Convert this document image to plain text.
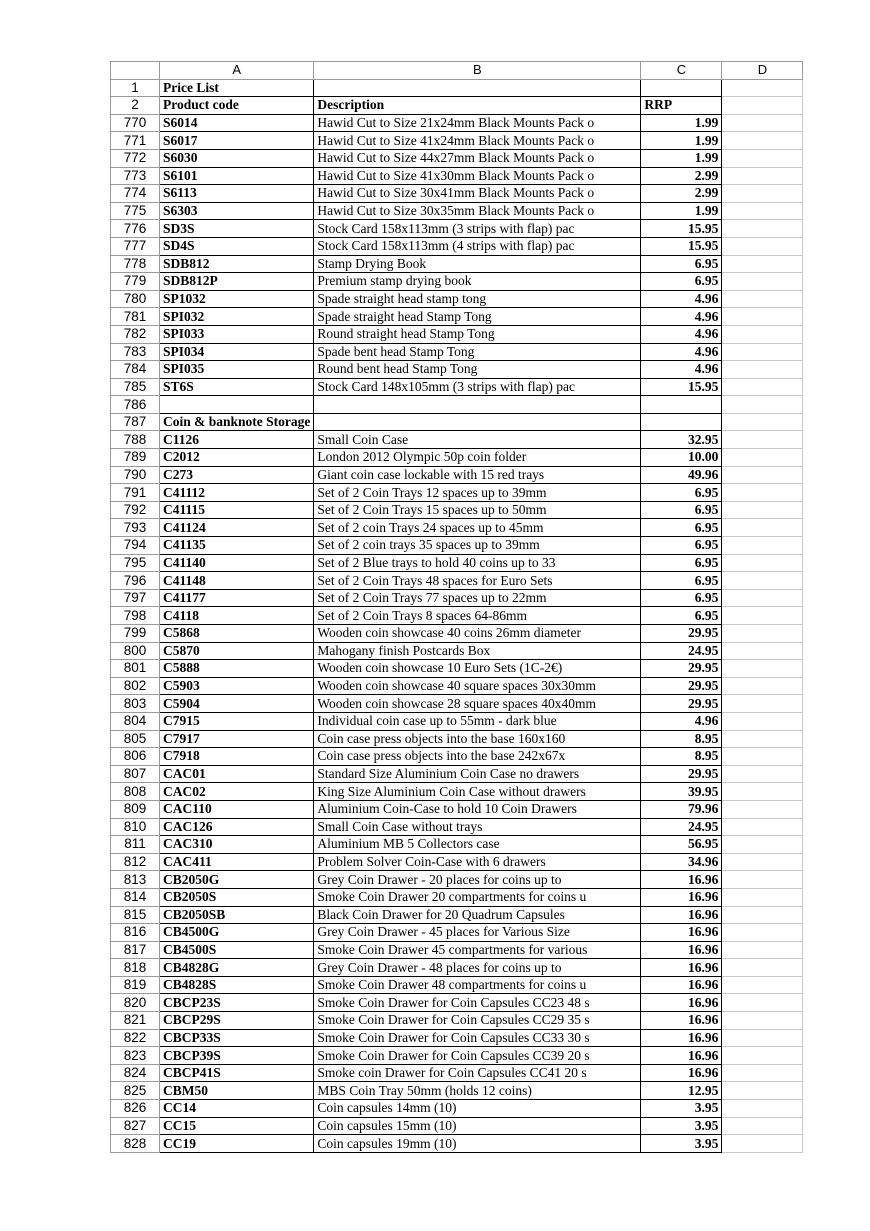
	A	B	C	D
1	Price List			
2	Product code	Description	RRP	
770	S6014	Hawid Cut to Size 21x24mm Black Mounts Pack o	1.99	
771	S6017	Hawid Cut to Size 41x24mm Black Mounts Pack o	1.99	
772	S6030	Hawid Cut to Size 44x27mm Black Mounts Pack o	1.99	
773	S6101	Hawid Cut to Size 41x30mm Black Mounts Pack o	2.99	
774	S6113	Hawid Cut to Size 30x41mm Black Mounts Pack o	2.99	
775	S6303	Hawid Cut to Size 30x35mm Black Mounts Pack o	1.99	
776	SD3S	Stock Card 158x113mm (3 strips with flap) pac	15.95	
777	SD4S	Stock Card 158x113mm (4 strips with flap) pac	15.95	
778	SDB812	Stamp Drying Book	6.95	
779	SDB812P	Premium stamp drying book	6.95	
780	SP1032	Spade straight head stamp tong	4.96	
781	SPI032	Spade straight head Stamp Tong	4.96	
782	SPI033	Round straight head Stamp Tong	4.96	
783	SPI034	Spade bent head Stamp Tong	4.96	
784	SPI035	Round bent head Stamp Tong	4.96	
785	ST6S	Stock Card 148x105mm (3 strips with flap) pac	15.95	
786				
787	Coin & banknote Storage			
788	C1126	Small Coin Case	32.95	
789	C2012	London 2012 Olympic 50p coin folder	10.00	
790	C273	Giant coin case lockable with 15 red trays	49.96	
791	C41112	Set of 2 Coin Trays 12 spaces up to 39mm	6.95	
792	C41115	Set of 2 Coin Trays 15 spaces up to 50mm	6.95	
793	C41124	Set of 2 coin Trays 24 spaces up to 45mm	6.95	
794	C41135	Set of 2 coin trays 35 spaces up to 39mm	6.95	
795	C41140	Set of 2 Blue trays to hold 40 coins up to 33	6.95	
796	C41148	Set of 2 Coin Trays 48 spaces for Euro Sets	6.95	
797	C41177	Set of 2 Coin Trays 77 spaces up to 22mm	6.95	
798	C4118	Set of 2 Coin Trays 8 spaces 64-86mm	6.95	
799	C5868	Wooden coin showcase 40 coins 26mm diameter	29.95	
800	C5870	Mahogany finish Postcards Box	24.95	
801	C5888	Wooden coin showcase 10 Euro Sets (1C-2€)	29.95	
802	C5903	Wooden coin showcase 40 square spaces 30x30mm	29.95	
803	C5904	Wooden coin showcase 28 square spaces 40x40mm	29.95	
804	C7915	Individual coin case up to 55mm - dark blue	4.96	
805	C7917	Coin case press objects into the base 160x160	8.95	
806	C7918	Coin case press objects into the base 242x67x	8.95	
807	CAC01	Standard Size Aluminium Coin Case no drawers	29.95	
808	CAC02	King Size Aluminium Coin Case without drawers	39.95	
809	CAC110	Aluminium Coin-Case to hold 10 Coin Drawers	79.96	
810	CAC126	Small Coin Case without trays	24.95	
811	CAC310	Aluminium MB 5 Collectors case	56.95	
812	CAC411	Problem Solver Coin-Case with 6 drawers	34.96	
813	CB2050G	Grey Coin Drawer - 20 places for coins up to	16.96	
814	CB2050S	Smoke Coin Drawer 20 compartments for coins u	16.96	
815	CB2050SB	Black Coin Drawer for 20 Quadrum Capsules	16.96	
816	CB4500G	Grey Coin Drawer - 45 places for Various Size	16.96	
817	CB4500S	Smoke Coin Drawer 45 compartments for various	16.96	
818	CB4828G	Grey Coin Drawer - 48 places for coins up to	16.96	
819	CB4828S	Smoke Coin Drawer 48 compartments for coins u	16.96	
820	CBCP23S	Smoke Coin Drawer for Coin Capsules CC23 48 s	16.96	
821	CBCP29S	Smoke Coin Drawer for Coin Capsules CC29 35 s	16.96	
822	CBCP33S	Smoke Coin Drawer for Coin Capsules CC33 30 s	16.96	
823	CBCP39S	Smoke Coin Drawer for Coin Capsules CC39 20 s	16.96	
824	CBCP41S	Smoke coin Drawer for Coin Capsules CC41 20 s	16.96	
825	CBM50	MBS Coin Tray 50mm (holds 12 coins)	12.95	
826	CC14	Coin capsules 14mm (10)	3.95	
827	CC15	Coin capsules 15mm (10)	3.95	
828	CC19	Coin capsules 19mm (10)	3.95	
